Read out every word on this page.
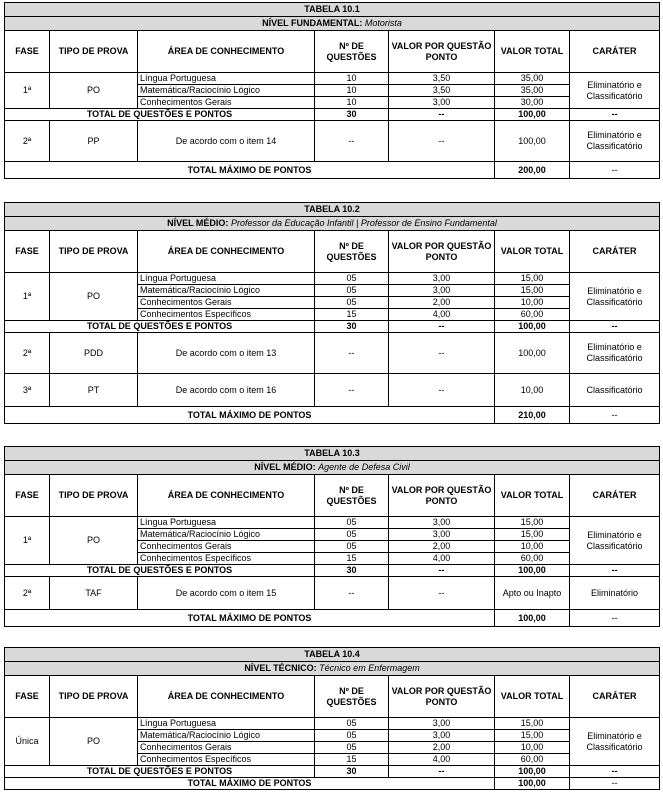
TABELA 10.1						
NÍVEL FUNDAMENTAL: Motorista						
FASE	TIPO DE PROVA	ÁREA DE CONHECIMENTO	Nº DE QUESTÕES	VALOR POR QUESTÃO PONTO	VALOR TOTAL	CARÁTER
1ª	PO	Língua Portuguesa	10	3,50	35,00	Eliminatório e Classificatório
		Matemática/Raciocínio Lógico	10	3,50	35,00	
		Conhecimentos Gerais	10	3,00	30,00	
TOTAL DE QUESTÕES E PONTOS			30	--	100,00	--
2ª	PP	De acordo com o item 14	--	--	100,00	Eliminatório e Classificatório
TOTAL MÁXIMO DE PONTOS					200,00	--
TABELA 10.2						
NÍVEL MÉDIO: Professor da Educação Infantil | Professor de Ensino Fundamental						
FASE	TIPO DE PROVA	ÁREA DE CONHECIMENTO	Nº DE QUESTÕES	VALOR POR QUESTÃO PONTO	VALOR TOTAL	CARÁTER
1ª	PO	Língua Portuguesa	05	3,00	15,00	Eliminatório e Classificatório
		Matemática/Raciocínio Lógico	05	3,00	15,00	
		Conhecimentos Gerais	05	2,00	10,00	
		Conhecimentos Específicos	15	4,00	60,00	
TOTAL DE QUESTÕES E PONTOS			30	--	100,00	--
2ª	PDD	De acordo com o item 13	--	--	100,00	Eliminatório e Classificatório
3ª	PT	De acordo com o item 16	--	--	10,00	Classificatório
TOTAL MÁXIMO DE PONTOS					210,00	--
TABELA 10.3						
NÍVEL MÉDIO: Agente de Defesa Civil						
FASE	TIPO DE PROVA	ÁREA DE CONHECIMENTO	Nº DE QUESTÕES	VALOR POR QUESTÃO PONTO	VALOR TOTAL	CARÁTER
1ª	PO	Língua Portuguesa	05	3,00	15,00	Eliminatório e Classificatório
		Matemática/Raciocínio Lógico	05	3,00	15,00	
		Conhecimentos Gerais	05	2,00	10,00	
		Conhecimentos Específicos	15	4,00	60,00	
TOTAL DE QUESTÕES E PONTOS			30	--	100,00	--
2ª	TAF	De acordo com o item 15	--	--	Apto ou Inapto	Eliminatório
TOTAL MÁXIMO DE PONTOS					100,00	--
TABELA 10.4						
NÍVEL TÉCNICO: Técnico em Enfermagem						
FASE	TIPO DE PROVA	ÁREA DE CONHECIMENTO	Nº DE QUESTÕES	VALOR POR QUESTÃO PONTO	VALOR TOTAL	CARÁTER
Única	PO	Língua Portuguesa	05	3,00	15,00	Eliminatório e Classificatório
		Matemática/Raciocínio Lógico	05	3,00	15,00	
		Conhecimentos Gerais	05	2,00	10,00	
		Conhecimentos Específicos	15	4,00	60,00	
TOTAL DE QUESTÕES E PONTOS			30	--	100,00	--
TOTAL MÁXIMO DE PONTOS					100,00	--
